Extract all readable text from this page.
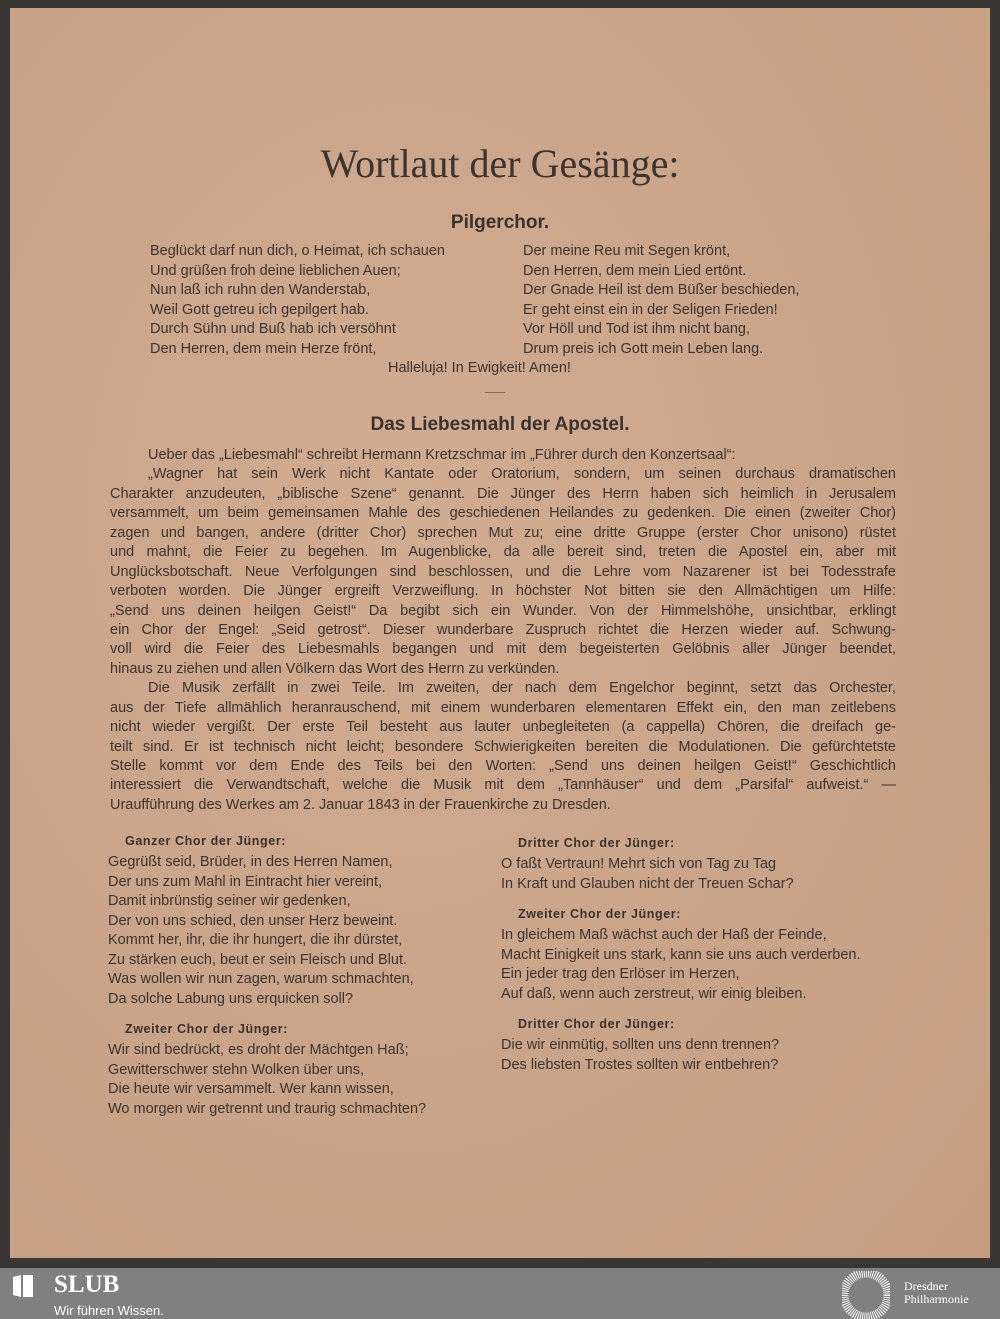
Wortlaut der Gesänge:
Pilgerchor.
Beglückt darf nun dich, o Heimat, ich schauen
Und grüßen froh deine lieblichen Auen;
Nun laß ich ruhn den Wanderstab,
Weil Gott getreu ich gepilgert hab.
Durch Sühn und Buß hab ich versöhnt
Den Herren, dem mein Herze frönt,
Der meine Reu mit Segen krönt,
Den Herren, dem mein Lied ertönt.
Der Gnade Heil ist dem Büßer beschieden,
Er geht einst ein in der Seligen Frieden!
Vor Höll und Tod ist ihm nicht bang,
Drum preis ich Gott mein Leben lang.
Halleluja! In Ewigkeit! Amen!
Das Liebesmahl der Apostel.
Ueber das „Liebesmahl“ schreibt Hermann Kretzschmar im „Führer durch den Konzertsaal“:
„Wagner hat sein Werk nicht Kantate oder Oratorium, sondern, um seinen durchaus dramatischen
Charakter anzudeuten, „biblische Szene“ genannt. Die Jünger des Herrn haben sich heimlich in Jerusalem
versammelt, um beim gemeinsamen Mahle des geschiedenen Heilandes zu gedenken. Die einen (zweiter Chor)
zagen und bangen, andere (dritter Chor) sprechen Mut zu; eine dritte Gruppe (erster Chor unisono) rüstet
und mahnt, die Feier zu begehen. Im Augenblicke, da alle bereit sind, treten die Apostel ein, aber mit
Unglücksbotschaft. Neue Verfolgungen sind beschlossen, und die Lehre vom Nazarener ist bei Todesstrafe
verboten worden. Die Jünger ergreift Verzweiflung. In höchster Not bitten sie den Allmächtigen um Hilfe:
„Send uns deinen heilgen Geist!“ Da begibt sich ein Wunder. Von der Himmelshöhe, unsichtbar, erklingt
ein Chor der Engel: „Seid getrost“. Dieser wunderbare Zuspruch richtet die Herzen wieder auf. Schwung-
voll wird die Feier des Liebesmahls begangen und mit dem begeisterten Gelöbnis aller Jünger beendet,
hinaus zu ziehen und allen Völkern das Wort des Herrn zu verkünden.
Die Musik zerfällt in zwei Teile. Im zweiten, der nach dem Engelchor beginnt, setzt das Orchester,
aus der Tiefe allmählich heranrauschend, mit einem wunderbaren elementaren Effekt ein, den man zeitlebens
nicht wieder vergißt. Der erste Teil besteht aus lauter unbegleiteten (a cappella) Chören, die dreifach ge-
teilt sind. Er ist technisch nicht leicht; besondere Schwierigkeiten bereiten die Modulationen. Die gefürchtetste
Stelle kommt vor dem Ende des Teils bei den Worten: „Send uns deinen heilgen Geist!“ Geschichtlich
interessiert die Verwandtschaft, welche die Musik mit dem „Tannhäuser“ und dem „Parsifal“ aufweist.“ —
Uraufführung des Werkes am 2. Januar 1843 in der Frauenkirche zu Dresden.
Ganzer Chor der Jünger:
Gegrüßt seid, Brüder, in des Herren Namen,
Der uns zum Mahl in Eintracht hier vereint,
Damit inbrünstig seiner wir gedenken,
Der von uns schied, den unser Herz beweint.
Kommt her, ihr, die ihr hungert, die ihr dürstet,
Zu stärken euch, beut er sein Fleisch und Blut.
Was wollen wir nun zagen, warum schmachten,
Da solche Labung uns erquicken soll?
Zweiter Chor der Jünger:
Wir sind bedrückt, es droht der Mächtgen Haß;
Gewitterschwer stehn Wolken über uns,
Die heute wir versammelt. Wer kann wissen,
Wo morgen wir getrennt und traurig schmachten?
Dritter Chor der Jünger:
O faßt Vertraun! Mehrt sich von Tag zu Tag
In Kraft und Glauben nicht der Treuen Schar?
Zweiter Chor der Jünger:
In gleichem Maß wächst auch der Haß der Feinde,
Macht Einigkeit uns stark, kann sie uns auch verderben.
Ein jeder trag den Erlöser im Herzen,
Auf daß, wenn auch zerstreut, wir einig bleiben.
Dritter Chor der Jünger:
Die wir einmütig, sollten uns denn trennen?
Des liebsten Trostes sollten wir entbehren?
SLUB
Wir führen Wissen.
Dresdner
Philharmonie
